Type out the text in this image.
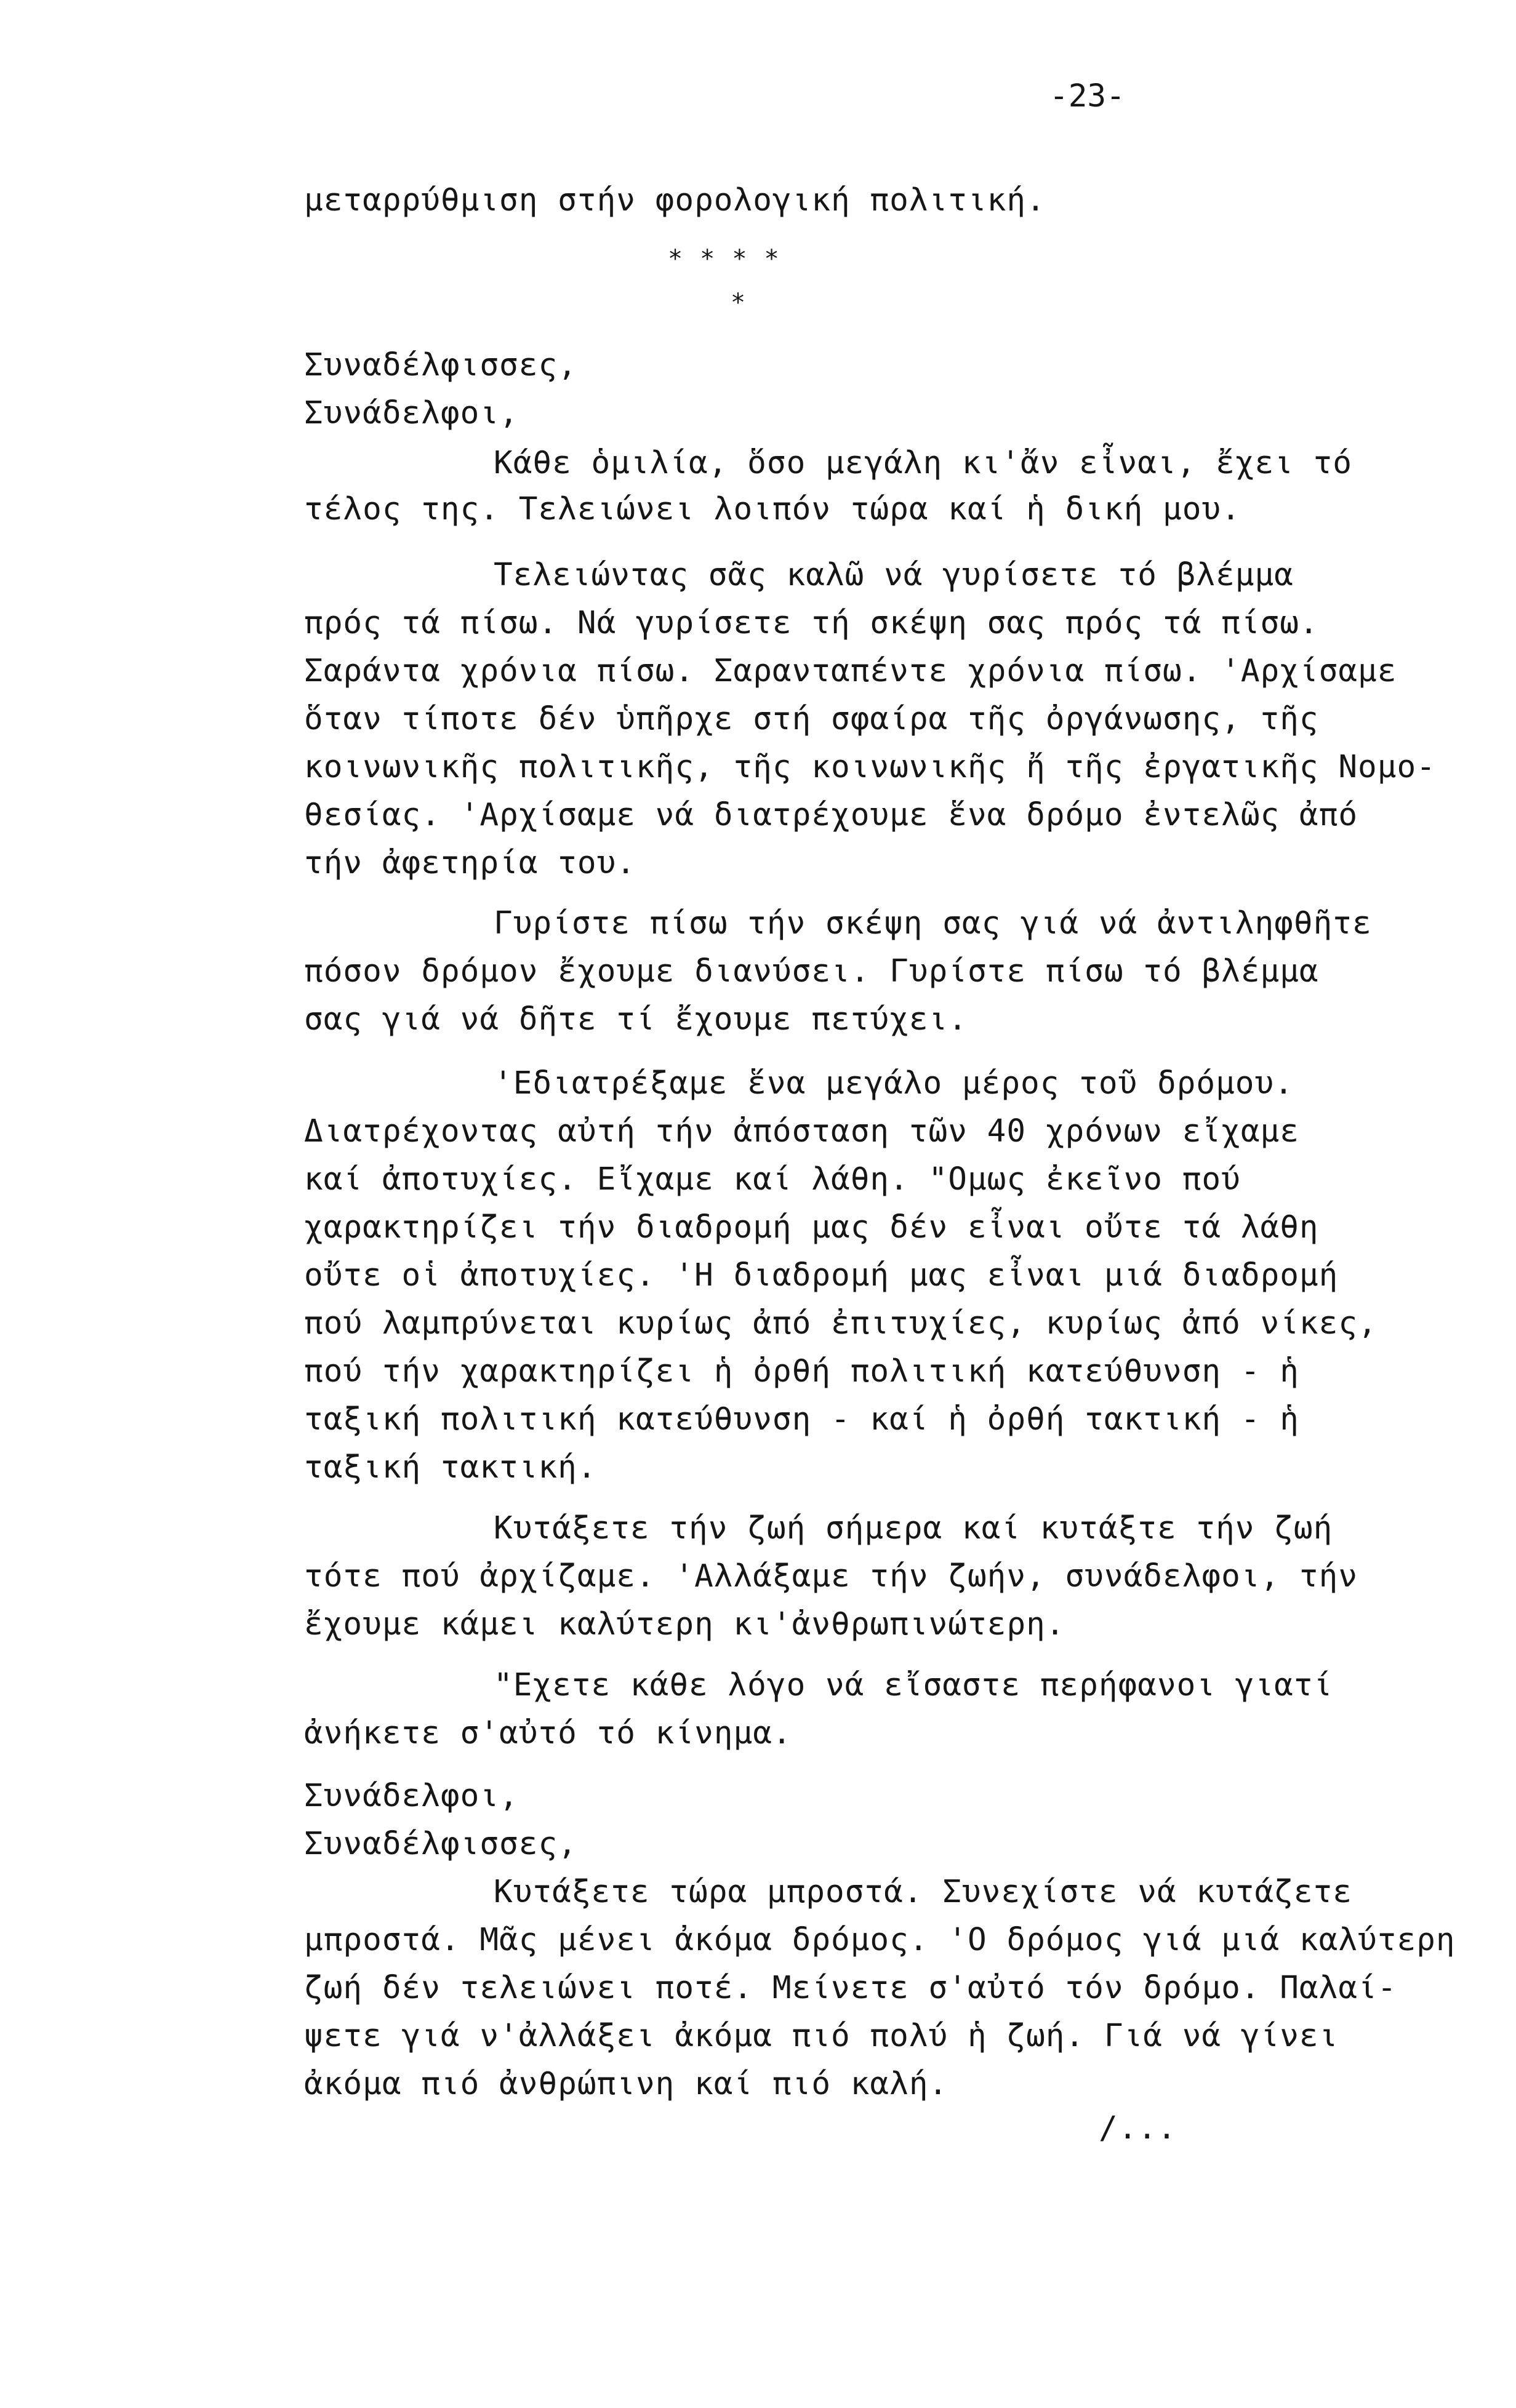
-23-
μεταρρύθμιση στήν φορολογική πολιτική.
* * * *
*
Συναδέλφισσες,
Συνάδελφοι,
Κάθε ὁμιλία, ὅσο μεγάλη κι'ἄν εἶναι, ἔχει τό
τέλος της. Τελειώνει λοιπόν τώρα καί ἡ δική μου.
Τελειώντας σᾶς καλῶ νά γυρίσετε τό βλέμμα
πρός τά πίσω. Νά γυρίσετε τή σκέψη σας πρός τά πίσω.
Σαράντα χρόνια πίσω. Σαρανταπέντε χρόνια πίσω. 'Αρχίσαμε
ὅταν τίποτε δέν ὑπῆρχε στή σφαίρα τῆς ὀργάνωσης, τῆς
κοινωνικῆς πολιτικῆς, τῆς κοινωνικῆς ἤ τῆς ἐργατικῆς Νομο-
θεσίας. 'Αρχίσαμε νά διατρέχουμε ἕνα δρόμο ἐντελῶς ἀπό
τήν ἀφετηρία του.
Γυρίστε πίσω τήν σκέψη σας γιά νά ἀντιληφθῆτε
πόσον δρόμον ἔχουμε διανύσει. Γυρίστε πίσω τό βλέμμα
σας γιά νά δῆτε τί ἔχουμε πετύχει.
'Εδιατρέξαμε ἕνα μεγάλο μέρος τοῦ δρόμου.
Διατρέχοντας αὐτή τήν ἀπόσταση τῶν 40 χρόνων εἴχαμε
καί ἀποτυχίες. Εἴχαμε καί λάθη. "Ομως ἐκεῖνο πού
χαρακτηρίζει τήν διαδρομή μας δέν εἶναι οὔτε τά λάθη
οὔτε οἱ ἀποτυχίες. 'Η διαδρομή μας εἶναι μιά διαδρομή
πού λαμπρύνεται κυρίως ἀπό ἐπιτυχίες, κυρίως ἀπό νίκες,
πού τήν χαρακτηρίζει ἡ ὀρθή πολιτική κατεύθυνση - ἡ
ταξική πολιτική κατεύθυνση - καί ἡ ὀρθή τακτική - ἡ
ταξική τακτική.
Κυτάξετε τήν ζωή σήμερα καί κυτάξτε τήν ζωή
τότε πού ἀρχίζαμε. 'Αλλάξαμε τήν ζωήν, συνάδελφοι, τήν
ἔχουμε κάμει καλύτερη κι'ἀνθρωπινώτερη.
"Εχετε κάθε λόγο νά εἴσαστε περήφανοι γιατί
ἀνήκετε σ'αὐτό τό κίνημα.
Συνάδελφοι,
Συναδέλφισσες,
Κυτάξετε τώρα μπροστά. Συνεχίστε νά κυτάζετε
μπροστά. Μᾶς μένει ἀκόμα δρόμος. 'Ο δρόμος γιά μιά καλύτερη
ζωή δέν τελειώνει ποτέ. Μείνετε σ'αὐτό τόν δρόμο. Παλαί-
ψετε γιά ν'ἀλλάξει ἀκόμα πιό πολύ ἡ ζωή. Γιά νά γίνει
ἀκόμα πιό ἀνθρώπινη καί πιό καλή.
/...
